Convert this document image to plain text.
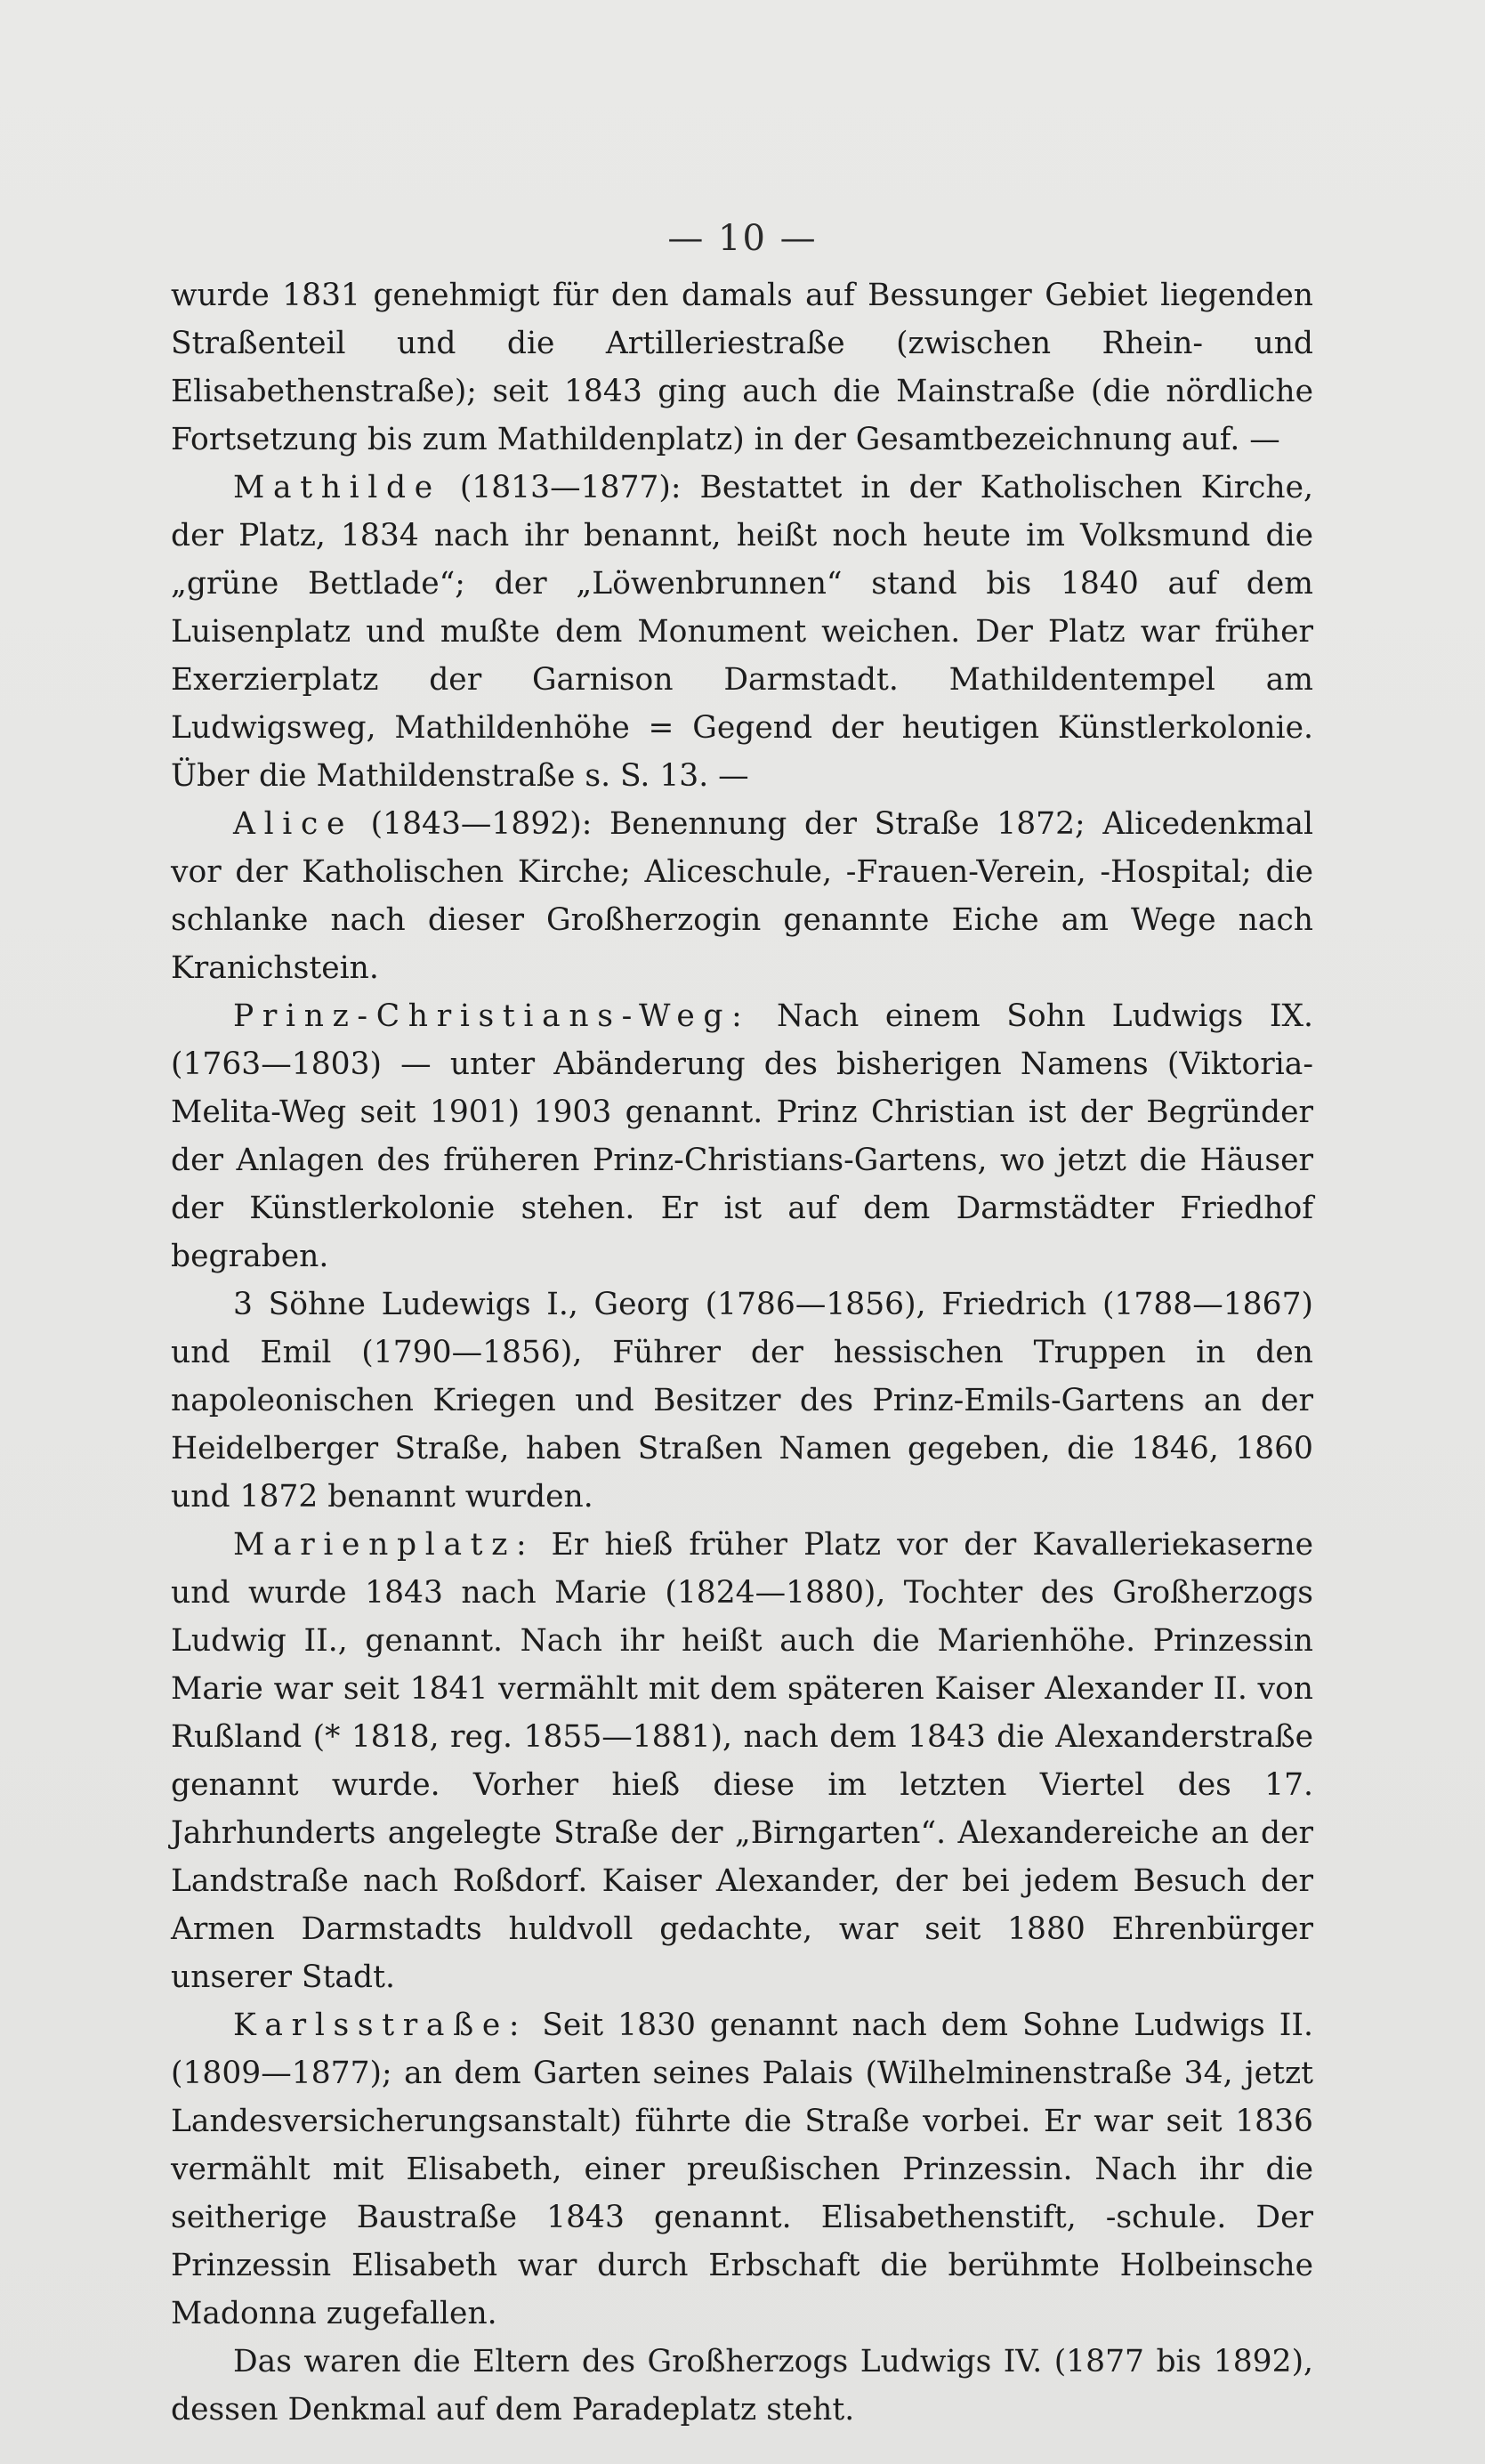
— 10 —

wurde 1831 genehmigt für den damals auf Bessunger Gebiet liegenden Straßenteil und die Artilleriestraße (zwischen Rhein- und Elisabethenstraße); seit 1843 ging auch die Mainstraße (die nördliche Fortsetzung bis zum Mathildenplatz) in der Gesamtbezeichnung auf. —

Mathilde (1813—1877): Bestattet in der Katholischen Kirche, der Platz, 1834 nach ihr benannt, heißt noch heute im Volksmund die „grüne Bettlade“; der „Löwenbrunnen“ stand bis 1840 auf dem Luisenplatz und mußte dem Monument weichen. Der Platz war früher Exerzierplatz der Garnison Darmstadt. Mathildentempel am Ludwigsweg, Mathildenhöhe = Gegend der heutigen Künstlerkolonie. Über die Mathildenstraße s. S. 13. —

Alice (1843—1892): Benennung der Straße 1872; Alicedenkmal vor der Katholischen Kirche; Aliceschule, -Frauen-Verein, -Hospital; die schlanke nach dieser Großherzogin genannte Eiche am Wege nach Kranichstein.

Prinz-Christians-Weg: Nach einem Sohn Ludwigs IX. (1763—1803) — unter Abänderung des bisherigen Namens (Viktoria-Melita-Weg seit 1901) 1903 genannt. Prinz Christian ist der Begründer der Anlagen des früheren Prinz-Christians-Gartens, wo jetzt die Häuser der Künstlerkolonie stehen. Er ist auf dem Darmstädter Friedhof begraben.

3 Söhne Ludewigs I., Georg (1786—1856), Friedrich (1788—1867) und Emil (1790—1856), Führer der hessischen Truppen in den napoleonischen Kriegen und Besitzer des Prinz-Emils-Gartens an der Heidelberger Straße, haben Straßen Namen gegeben, die 1846, 1860 und 1872 benannt wurden.

Marienplatz: Er hieß früher Platz vor der Kavalleriekaserne und wurde 1843 nach Marie (1824—1880), Tochter des Großherzogs Ludwig II., genannt. Nach ihr heißt auch die Marienhöhe. Prinzessin Marie war seit 1841 vermählt mit dem späteren Kaiser Alexander II. von Rußland (* 1818, reg. 1855—1881), nach dem 1843 die Alexanderstraße genannt wurde. Vorher hieß diese im letzten Viertel des 17. Jahrhunderts angelegte Straße der „Birngarten“. Alexandereiche an der Landstraße nach Roßdorf. Kaiser Alexander, der bei jedem Besuch der Armen Darmstadts huldvoll gedachte, war seit 1880 Ehrenbürger unserer Stadt.

Karlsstraße: Seit 1830 genannt nach dem Sohne Ludwigs II. (1809—1877); an dem Garten seines Palais (Wilhelminenstraße 34, jetzt Landesversicherungsanstalt) führte die Straße vorbei. Er war seit 1836 vermählt mit Elisabeth, einer preußischen Prinzessin. Nach ihr die seitherige Baustraße 1843 genannt. Elisabethenstift, -schule. Der Prinzessin Elisabeth war durch Erbschaft die berühmte Holbeinsche Madonna zugefallen.

Das waren die Eltern des Großherzogs Ludwigs IV. (1877 bis 1892), dessen Denkmal auf dem Paradeplatz steht.
